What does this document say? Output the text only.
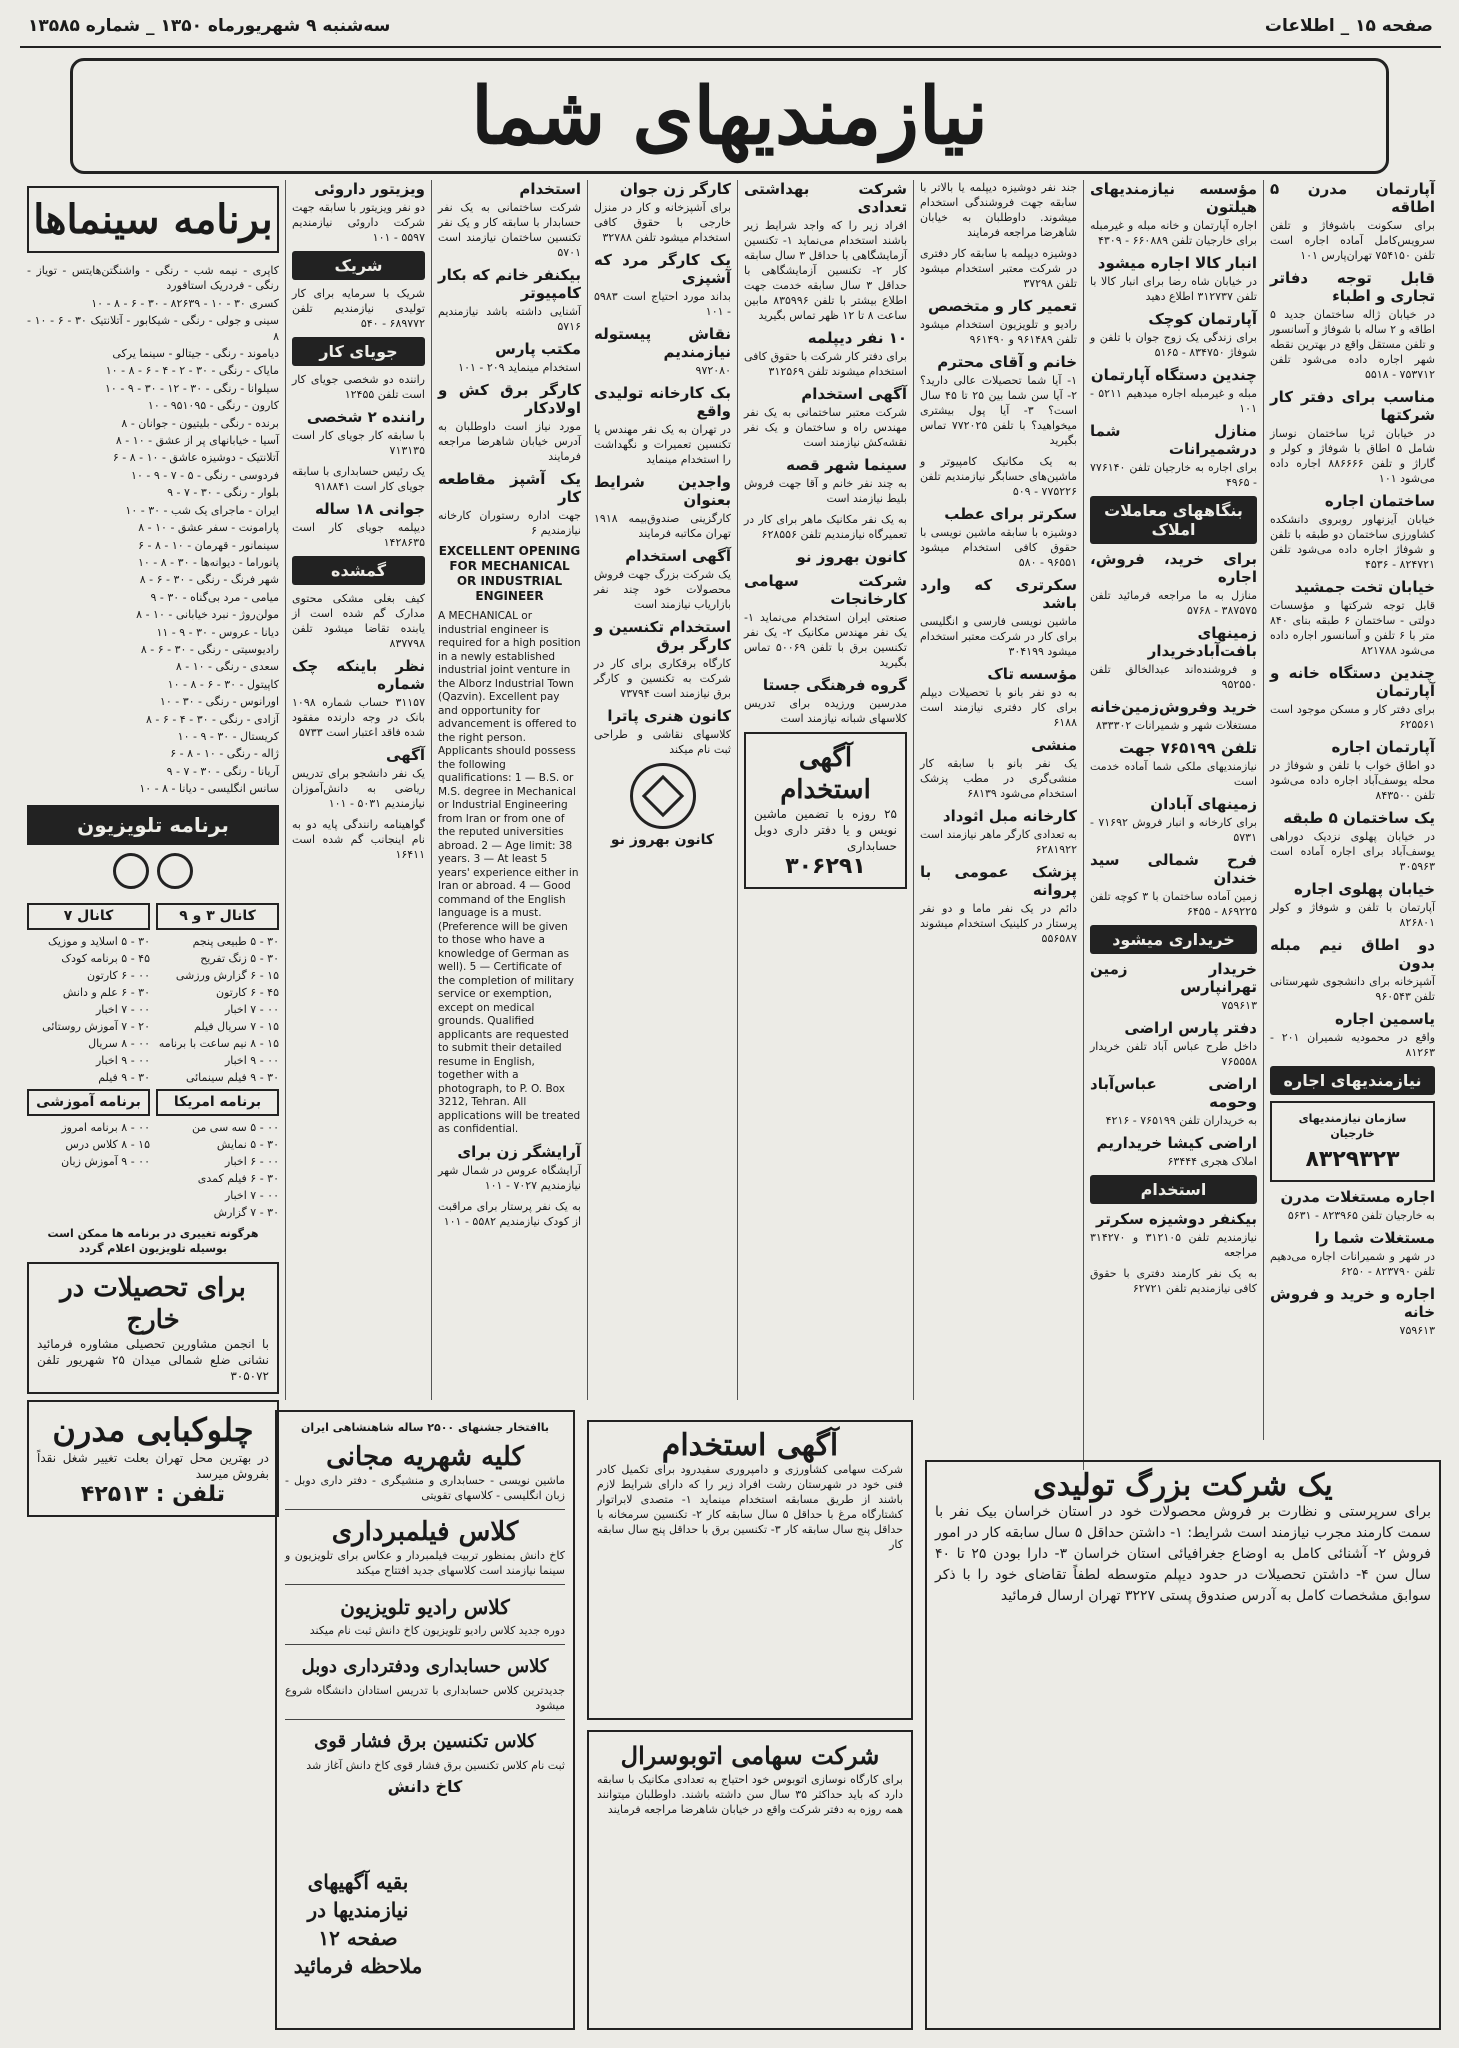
صفحه ۱۵ _ اطلاعات
سه‌شنبه ۹ شهریورماه ۱۳۵۰ _ شماره ۱۳۵۸۵
نیازمندیهای شما
آپارتمان مدرن ۵ اطاقه
برای سکونت باشوفاژ و تلفن سرویس‌کامل آماده اجاره است تلفن ۷۵۴۱۵۰ تهران‌پارس ۱۰۱
قابل توجه دفاتر تجاری و اطباء
در خیابان ژاله ساختمان جدید ۵ اطاقه و ۲ ساله با شوفاژ و آسانسور و تلفن مستقل واقع در بهترین نقطه شهر اجاره داده می‌شود تلفن ۷۵۳۷۱۲ - ۵۵۱۸
مناسب برای دفتر کار شرکتها
در خیابان ثریا ساختمان نوساز شامل ۵ اطاق با شوفاژ و کولر و گاراژ و تلفن ۸۸۶۶۶۶ اجاره داده می‌شود ۱۰۱
ساختمان اجاره
خیابان آیزنهاور روبروی دانشکده کشاورزی ساختمان دو طبقه با تلفن و شوفاژ اجاره داده می‌شود تلفن ۸۲۴۷۲۱ - ۴۵۳۶
خیابان تخت جمشید
قابل توجه شرکتها و مؤسسات دولتی - ساختمان ۶ طبقه بنای ۸۴۰ متر با ۶ تلفن و آسانسور اجاره داده می‌شود ۸۲۱۷۸۸
چندین دستگاه خانه و آپارتمان
برای دفتر کار و مسکن موجود است ۶۲۵۵۶۱
آپارتمان اجاره
دو اطاق خواب با تلفن و شوفاژ در محله یوسف‌آباد اجاره داده می‌شود تلفن ۸۴۳۵۰۰
یک ساختمان ۵ طبقه
در خیابان پهلوی نزدیک دوراهی یوسف‌آباد برای اجاره آماده است ۳۰۵۹۶۳
خیابان پهلوی اجاره
آپارتمان با تلفن و شوفاژ و کولر ۸۲۶۸۰۱
دو اطاق نیم مبله بدون
آشپزخانه برای دانشجوی شهرستانی تلفن ۹۶۰۵۴۳
یاسمین اجاره
واقع در محمودیه شمیران ۲۰۱ - ۸۱۲۶۳
نیازمندیهای اجاره
سازمان نیازمندیهای خارجیان
۸۳۲۹۳۲۳
اجاره مستغلات مدرن
به خارجیان تلفن ۸۲۳۹۶۵ - ۵۶۳۱
مستغلات شما را
در شهر و شمیرانات اجاره می‌دهیم تلفن ۸۲۳۷۹۰ - ۶۲۵۰
اجاره و خرید و فروش خانه
۷۵۹۶۱۳
مؤسسه نیازمندیهای هیلتون
اجاره آپارتمان و خانه مبله و غیرمبله برای خارجیان تلفن ۶۶۰۸۸۹ - ۴۳۰۹
انبار کالا اجاره میشود
در خیابان شاه رضا برای انبار کالا با تلفن ۳۱۲۷۳۷ اطلاع دهید
آپارتمان کوچک
برای زندگی یک زوج جوان با تلفن و شوفاژ ۸۳۴۷۵۰ - ۵۱۶۵
چندین دستگاه آپارتمان
مبله و غیرمبله اجاره میدهیم ۵۲۱۱ - ۱۰۱
منازل شما درشمیرانات
برای اجاره به خارجیان تلفن ۷۷۶۱۴۰ - ۴۹۶۵
بنگاههای معاملات املاک
برای خرید، فروش، اجاره
منازل به ما مراجعه فرمائید تلفن ۳۸۷۵۷۵ - ۵۷۶۸
زمینهای بافت‌آبادخریدار
و فروشنده‌اند عبدالخالق تلفن ۹۵۲۵۵۰
خرید وفروش‌زمین‌خانه
مستغلات شهر و شمیرانات ۸۳۳۳۰۲
تلفن ۷۶۵۱۹۹ جهت
نیازمندیهای ملکی شما آماده خدمت است
زمینهای آبادان
برای کارخانه و انبار فروش ۷۱۶۹۲ - ۵۷۳۱
فرح شمالی سید خندان
زمین آماده ساختمان با ۳ کوچه تلفن ۸۶۹۲۲۵ - ۶۴۵۵
خریداری میشود
خریدار زمین تهرانپارس
۷۵۹۶۱۳
دفتر پارس اراضی
داخل طرح عباس آباد تلفن خریدار ۷۶۵۵۵۸
اراضی عباس‌آباد وحومه
به خریداران تلفن ۷۶۵۱۹۹ - ۴۲۱۶
اراضی کیشا خریداریم
املاک هجری ۶۳۴۴۴
استخدام
بیکنفر دوشیزه سکرتر
نیازمندیم تلفن ۳۱۲۱۰۵ و ۳۱۴۲۷۰ مراجعه
به یک نفر کارمند دفتری با حقوق کافی نیازمندیم تلفن ۶۲۷۲۱
جند نفر دوشیزه دیپلمه یا بالاتر با سابقه جهت فروشندگی استخدام میشوند. داوطلبان به خیابان شاهرضا مراجعه فرمایند
دوشیزه دیپلمه با سابقه کار دفتری در شرکت معتبر استخدام میشود تلفن ۳۷۲۹۸
تعمیر کار و متخصص
رادیو و تلویزیون استخدام میشود تلفن ۹۶۱۴۸۹ و ۹۶۱۴۹۰
خانم و آقای محترم
۱- آیا شما تحصیلات عالی دارید؟ ۲- آیا سن شما بین ۲۵ تا ۴۵ سال است؟ ۳- آیا پول بیشتری میخواهید؟ با تلفن ۷۷۲۰۲۵ تماس بگیرید
به یک مکانیک کامپیوتر و ماشین‌های حسابگر نیازمندیم تلفن ۷۷۵۲۲۶ - ۵۰۹
سکرتر برای عطب
دوشیزه با سابقه ماشین نویسی با حقوق کافی استخدام میشود ۹۶۵۵۱ - ۵۸۰
سکرتری که وارد باشد
ماشین نویسی فارسی و انگلیسی برای کار در شرکت معتبر استخدام میشود ۳۰۴۱۹۹
مؤسسه تاک
به دو نفر بانو با تحصیلات دیپلم برای کار دفتری نیازمند است ۶۱۸۸
منشی
یک نفر بانو با سابقه کار منشی‌گری در مطب پزشک استخدام می‌شود ۶۸۱۳۹
کارخانه مبل اثوداد
به تعدادی کارگر ماهر نیازمند است ۶۲۸۱۹۲۲
پزشک عمومی با پروانه
دائم در یک نفر ماما و دو نفر پرستار در کلینیک استخدام میشوند ۵۵۶۵۸۷
شرکت بهداشتی تعدادی
افراد زیر را که واجد شرایط زیر باشند استخدام می‌نماید ۱- تکنسین آزمایشگاهی با حداقل ۳ سال سابقه کار ۲- تکنسین آزمایشگاهی با حداقل ۳ سال سابقه خدمت جهت اطلاع بیشتر با تلفن ۸۳۵۹۹۶ مابین ساعت ۸ تا ۱۲ ظهر تماس بگیرید
۱۰ نفر دیپلمه
برای دفتر کار شرکت با حقوق کافی استخدام میشوند تلفن ۳۱۲۵۶۹
آگهی استخدام
شرکت معتبر ساختمانی به یک نفر مهندس راه و ساختمان و یک نفر نقشه‌کش نیازمند است
سینما شهر قصه
به چند نفر خانم و آقا جهت فروش بلیط نیازمند است
به یک نفر مکانیک ماهر برای کار در تعمیرگاه نیازمندیم تلفن ۶۲۸۵۵۶
کانون بهروز نو
شرکت سهامی کارخانجات
صنعتی ایران استخدام می‌نماید ۱- یک نفر مهندس مکانیک ۲- یک نفر تکنسین برق با تلفن ۵۰۰۶۹ تماس بگیرید
گروه فرهنگی جستا
مدرسین ورزیده برای تدریس کلاسهای شبانه نیازمند است
آگهی استخدام
۲۵ روزه با تضمین ماشین نویس و یا دفتر داری دوبل حسابداری
۳۰۶۲۹۱
کارگر زن جوان
برای آشپزخانه و کار در منزل خارجی با حقوق کافی استخدام میشود تلفن ۳۲۷۸۸
یک کارگر مرد که آشپزی
بداند مورد احتیاج است ۵۹۸۳ - ۱۰۱
نقاش پیستوله نیازمندیم
۹۷۲۰۸۰
بک کارخانه تولیدی واقع
در تهران به یک نفر مهندس یا تکنسین تعمیرات و نگهداشت را استخدام مینماید
واجدین شرایط بعنوان
کارگزینی صندوق‌بیمه ۱۹۱۸ تهران مکاتبه فرمایند
آگهی استخدام
یک شرکت بزرگ جهت فروش محصولات خود چند نفر بازاریاب نیازمند است
استخدام تکنسین و کارگر برق
کارگاه برقکاری برای کار در شرکت به تکنسین و کارگر برق نیازمند است ۷۳۷۹۴
کانون هنری پاترا
کلاسهای نقاشی و طراحی ثبت نام میکند
کانون بهروز نو
استخدام
شرکت ساختمانی به یک نفر حسابدار با سابقه کار و یک نفر تکنسین ساختمان نیازمند است ۵۷۰۱
بیکنفر خانم که بکار کامپیوتر
آشنایی داشته باشد نیازمندیم ۵۷۱۶
مکتب پارس
استخدام مینماید ۲۰۹ - ۱۰۱
کارگر برق کش و اولادکار
مورد نیاز است داوطلبان به آدرس خیابان شاهرضا مراجعه فرمایند
یک آشپز مقاطعه کار
جهت اداره رستوران کارخانه نیازمندیم ۶
EXCELLENT OPENING FOR MECHANICAL OR INDUSTRIAL ENGINEER
A MECHANICAL or industrial engineer is required for a high position in a newly established industrial joint venture in the Alborz Industrial Town (Qazvin). Excellent pay and opportunity for advancement is offered to the right person. Applicants should possess the following qualifications: 1 — B.S. or M.S. degree in Mechanical or Industrial Engineering from Iran or from one of the reputed universities abroad. 2 — Age limit: 38 years. 3 — At least 5 years' experience either in Iran or abroad. 4 — Good command of the English language is a must. (Preference will be given to those who have a knowledge of German as well). 5 — Certificate of the completion of military service or exemption, except on medical grounds. Qualified applicants are requested to submit their detailed resume in English, together with a photograph, to P. O. Box 3212, Tehran. All applications will be treated as confidential.
آرایشگر زن برای
آرایشگاه عروس در شمال شهر نیازمندیم ۷۰۲۷ - ۱۰۱
به یک نفر پرستار برای مراقبت از کودک نیازمندیم ۵۵۸۲ - ۱۰۱
ویزیتور داروئی
دو نفر ویزیتور با سابقه جهت شرکت داروئی نیازمندیم ۵۵۹۷ - ۱۰۱
شریک
شریک با سرمایه برای کار تولیدی نیازمندیم تلفن ۶۸۹۷۷۲ - ۵۴۰
جویای کار
راننده دو شخصی جویای کار است تلفن ۱۲۴۵۵
راننده ۲ شخصی
با سابقه کار جویای کار است ۷۱۳۱۳۵
یک رئیس حسابداری با سابقه جویای کار است ۹۱۸۸۴۱
جوانی ۱۸ ساله
دیپلمه جویای کار است ۱۴۲۸۶۳۵
گمشده
کیف بغلی مشکی محتوی مدارک گم شده است از یابنده تقاضا میشود تلفن ۸۳۷۷۹۸
نظر باینکه چک شماره
۳۱۱۵۷ حساب شماره ۱۰۹۸ بانک در وجه دارنده مفقود شده فاقد اعتبار است ۵۷۳۳
آگهی
یک نفر دانشجو برای تدریس ریاضی به دانش‌آموزان نیازمندیم ۵۰۳۱ - ۱۰۱
گواهینامه رانندگی پایه دو به نام اینجانب گم شده است ۱۶۴۱۱
برنامه سینماها

کاپری - نیمه شب - رنگی - واشنگتن‌هایتس - تویاز - رنگی - فردریک استافورد

کسری ۳۰ - ۱۰ - ۸۲۶۳۹ - ۳۰ - ۶ - ۸ - ۱۰

سینی و جولی - رنگی - شیکابور - آتلانتیک ۳۰ - ۶ - ۱۰ - ۸

دیاموند - رنگی - جیتالو - سینما یرکی

مایاک - رنگی - ۳۰ - ۲ - ۴ - ۶ - ۸ - ۱۰

سیلوانا - رنگی - ۳۰ - ۱۲ - ۳۰ - ۹ - ۱۰

کارون - رنگی - ۹۵۱۰۹۵ - ۱۰

برنده - رنگی - بلیتیون - جوانان - ۸

آسیا - خیابانهای پر از عشق - ۱۰ - ۸

آتلانتیک - دوشیزه عاشق - ۱۰ - ۸ - ۶

فردوسی - رنگی - ۵ - ۷ - ۹ - ۱۰

بلوار - رنگی - ۳۰ - ۷ - ۹

ایران - ماجرای یک شب - ۳۰ - ۱۰

پارامونت - سفر عشق - ۱۰ - ۸

سینمانور - قهرمان - ۱۰ - ۸ - ۶

پانوراما - دیوانه‌ها - ۳۰ - ۸ - ۱۰

شهر فرنگ - رنگی - ۳۰ - ۶ - ۸

میامی - مرد بی‌گناه - ۳۰ - ۹

مولن‌روژ - نبرد خیابانی - ۱۰ - ۸

دیانا - عروس - ۳۰ - ۹ - ۱۱

رادیوسیتی - رنگی - ۳۰ - ۶ - ۸

سعدی - رنگی - ۱۰ - ۸

کاپیتول - ۳۰ - ۶ - ۸ - ۱۰

اورانوس - رنگی - ۳۰ - ۱۰

آزادی - رنگی - ۳۰ - ۴ - ۶ - ۸

کریستال - ۳۰ - ۹ - ۱۰

ژاله - رنگی - ۱۰ - ۸ - ۶

آریانا - رنگی - ۳۰ - ۷ - ۹

سانس انگلیسی - دیانا - ۸ - ۱۰

برنامه تلویزیون
کانال ۳ و ۹

۳۰ - ۵ طبیعی پنجم

۳۰ - ۵ زنگ تفریح

۱۵ - ۶ گزارش ورزشی

۴۵ - ۶ کارتون

۰۰ - ۷ اخبار

۱۵ - ۷ سریال فیلم

۱۵ - ۸ نیم ساعت با برنامه

۰۰ - ۹ اخبار

۳۰ - ۹ فیلم سینمائی

برنامه امریکا

۰۰ - ۵ سه سی من

۳۰ - ۵ نمایش

۰۰ - ۶ اخبار

۳۰ - ۶ فیلم کمدی

۰۰ - ۷ اخبار

۳۰ - ۷ گزارش

کانال ۷

۳۰ - ۵ اسلاید و موزیک

۴۵ - ۵ برنامه کودک

۰۰ - ۶ کارتون

۳۰ - ۶ علم و دانش

۰۰ - ۷ اخبار

۲۰ - ۷ آموزش روستائی

۰۰ - ۸ سریال

۰۰ - ۹ اخبار

۳۰ - ۹ فیلم

برنامه آموزشی

۰۰ - ۸ برنامه امروز

۱۵ - ۸ کلاس درس

۰۰ - ۹ آموزش زبان

هرگونه تغییری در برنامه ها ممکن است بوسیله تلویزیون اعلام گردد
برای تحصیلات در خارج
با انجمن مشاورین تحصیلی مشاوره فرمائید نشانی ضلع شمالی میدان ۲۵ شهریور تلفن ۳۰۵۰۷۲
چلوکبابی مدرن
در بهترین محل تهران بعلت تغییر شغل نقداً بفروش میرسد
تلفن : ۴۲۵۱۳
باافتخار جشنهای ۲۵۰۰ ساله شاهنشاهی ایران
کلیه شهریه مجانی
ماشین نویسی - حسابداری و منشیگری - دفتر داری دوبل - زبان انگلیسی - کلاسهای تقویتی
کلاس فیلمبرداری
کاخ دانش بمنظور تربیت فیلمبردار و عکاس برای تلویزیون و سینما نیازمند است کلاسهای جدید افتتاح میکند
کلاس رادیو تلویزیون
دوره جدید کلاس رادیو تلویزیون کاخ دانش ثبت نام میکند
کلاس حسابداری ودفترداری دوبل
جدیدترین کلاس حسابداری با تدریس استادان دانشگاه شروع میشود
کلاس تکنسین برق فشار قوی
ثبت نام کلاس تکنسین برق فشار قوی کاخ دانش آغاز شد
کاخ دانش
بقیه آگهیهای نیازمندیها در صفحه ۱۲ ملاحظه فرمائید
آگهی استخدام
شرکت سهامی کشاورزی و دامپروری سفیدرود برای تکمیل کادر فنی خود در شهرستان رشت افراد زیر را که دارای شرایط لازم باشند از طریق مسابقه استخدام مینماید ۱- متصدی لابراتوار کشتارگاه مرغ با حداقل ۵ سال سابقه کار ۲- تکنسین سرمخانه با حداقل پنج سال سابقه کار ۳- تکنسین برق با حداقل پنج سال سابقه کار
شرکت سهامی اتوبوسرال
برای کارگاه نوسازی اتوبوس خود احتیاج به تعدادی مکانیک با سابقه دارد که باید حداکثر ۳۵ سال سن داشته باشند. داوطلبان میتوانند همه روزه به دفتر شرکت واقع در خیابان شاهرضا مراجعه فرمایند
یک شرکت بزرگ تولیدی
برای سرپرستی و نظارت بر فروش محصولات خود در استان خراسان بیک نفر با سمت کارمند مجرب نیازمند است شرایط: ۱- داشتن حداقل ۵ سال سابقه کار در امور فروش ۲- آشنائی کامل به اوضاع جغرافیائی استان خراسان ۳- دارا بودن ۲۵ تا ۴۰ سال سن ۴- داشتن تحصیلات در حدود دیپلم متوسطه لطفاً تقاضای خود را با ذکر سوابق مشخصات کامل به آدرس صندوق پستی ۳۲۲۷ تهران ارسال فرمائید
